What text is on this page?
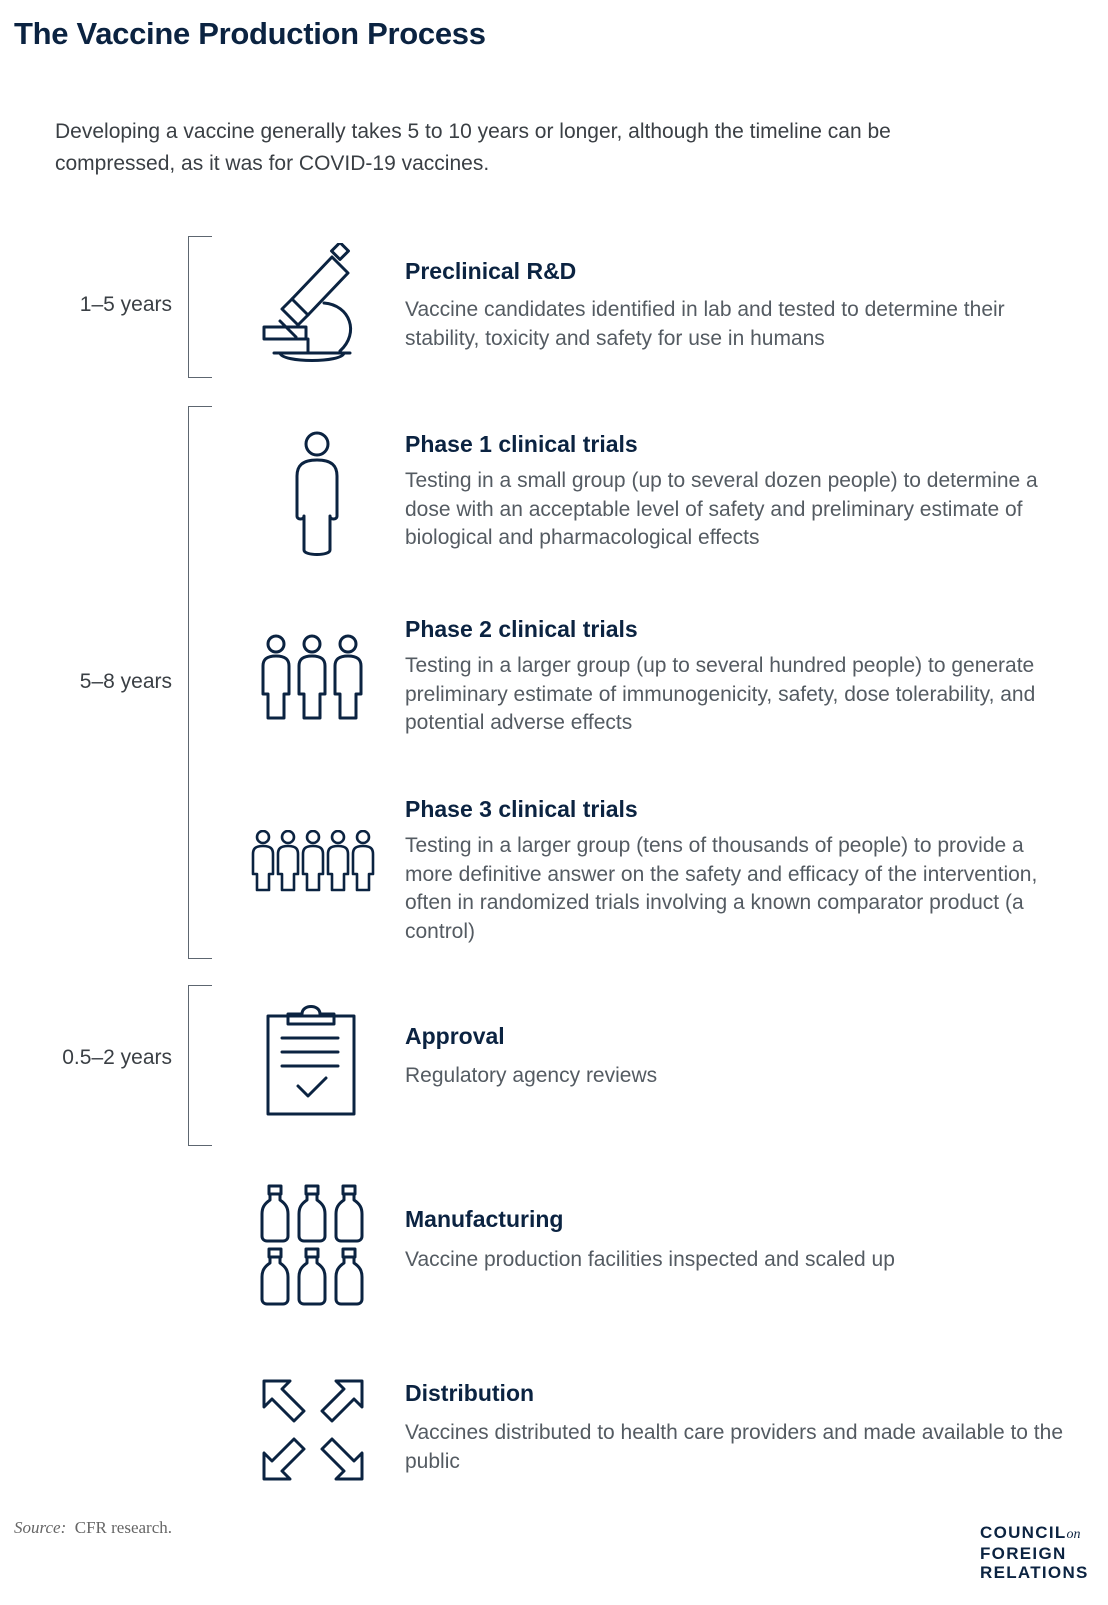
The Vaccine Production Process
Developing a vaccine generally takes 5 to 10 years or longer, although the timeline can be compressed, as it was for COVID-19 vaccines.
1–5 years
5–8 years
0.5–2 years
Preclinical R&D
Vaccine candidates identified in lab and tested to determine their stability, toxicity and safety for use in humans
Phase 1 clinical trials
Testing in a small group (up to several dozen people) to determine a dose with an acceptable level of safety and preliminary estimate of biological and pharmacological effects
Phase 2 clinical trials
Testing in a larger group (up to several hundred people) to generate preliminary estimate of immunogenicity, safety, dose tolerability, and potential adverse effects
Phase 3 clinical trials
Testing in a larger group (tens of thousands of people) to provide a more definitive answer on the safety and efficacy of the intervention, often in randomized trials involving a known comparator product (a control)
Approval
Regulatory agency reviews
Manufacturing
Vaccine production facilities inspected and scaled up
Distribution
Vaccines distributed to health care providers and made available to the public
Source: CFR research.	COUNCILon
FOREIGN
RELATIONS
